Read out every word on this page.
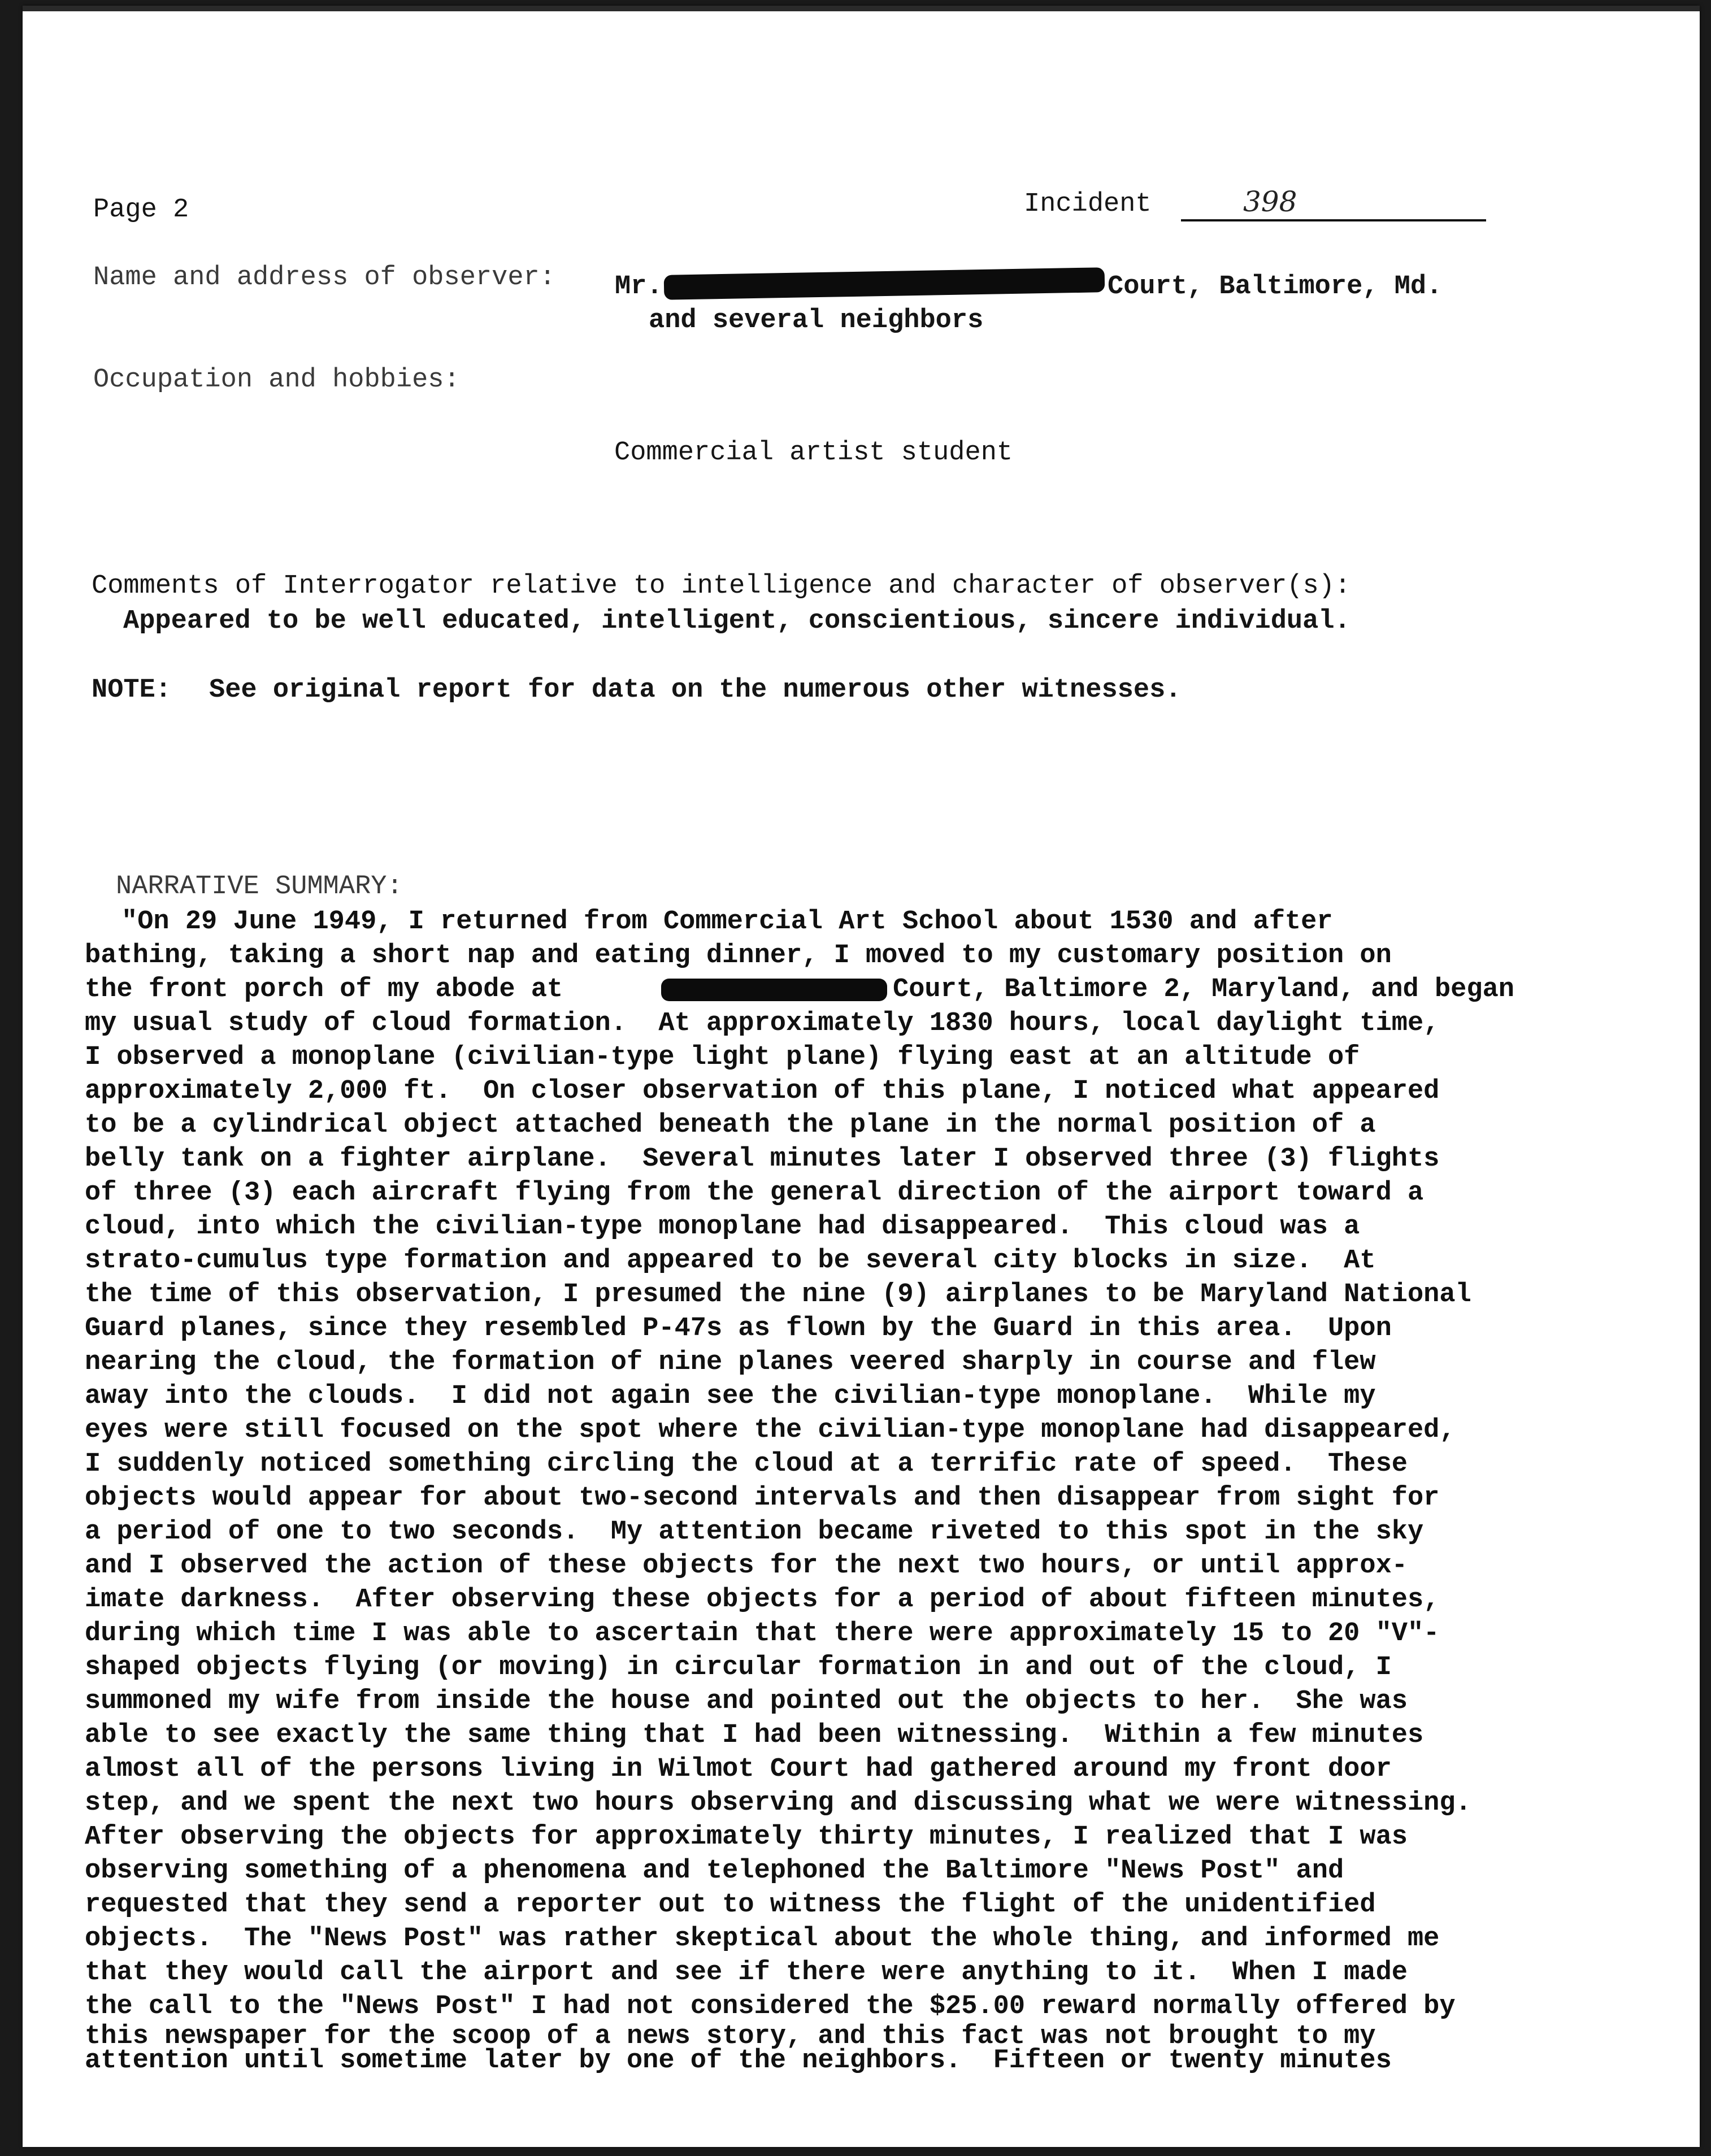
Page 2	Incident	398
Name and address of observer: Mr.	Court, Baltimore, Md.
and several neighbors
Occupation and hobbies:
Commercial artist student
Comments of Interrogator relative to intelligence and character of observer(s):
Appeared to be well educated, intelligent, conscientious, sincere individual.
NOTE: See original report for data on the numerous other witnesses.
NARRATIVE SUMMARY:
"On 29 June 1949, I returned from Commercial Art School about 1530 and after
bathing, taking a short nap and eating dinner, I moved to my customary position on
the front porch of my abode at	Court, Baltimore 2, Maryland, and began
my usual study of cloud formation.  At approximately 1830 hours, local daylight time,
I observed a monoplane (civilian-type light plane) flying east at an altitude of
approximately 2,000 ft.  On closer observation of this plane, I noticed what appeared
to be a cylindrical object attached beneath the plane in the normal position of a
belly tank on a fighter airplane.  Several minutes later I observed three (3) flights
of three (3) each aircraft flying from the general direction of the airport toward a
cloud, into which the civilian-type monoplane had disappeared.  This cloud was a
strato-cumulus type formation and appeared to be several city blocks in size.  At
the time of this observation, I presumed the nine (9) airplanes to be Maryland National
Guard planes, since they resembled P-47s as flown by the Guard in this area.  Upon
nearing the cloud, the formation of nine planes veered sharply in course and flew
away into the clouds.  I did not again see the civilian-type monoplane.  While my
eyes were still focused on the spot where the civilian-type monoplane had disappeared,
I suddenly noticed something circling the cloud at a terrific rate of speed.  These
objects would appear for about two-second intervals and then disappear from sight for
a period of one to two seconds.  My attention became riveted to this spot in the sky
and I observed the action of these objects for the next two hours, or until approx-
imate darkness.  After observing these objects for a period of about fifteen minutes,
during which time I was able to ascertain that there were approximately 15 to 20 "V"-
shaped objects flying (or moving) in circular formation in and out of the cloud, I
summoned my wife from inside the house and pointed out the objects to her.  She was
able to see exactly the same thing that I had been witnessing.  Within a few minutes
almost all of the persons living in Wilmot Court had gathered around my front door
step, and we spent the next two hours observing and discussing what we were witnessing.
After observing the objects for approximately thirty minutes, I realized that I was
observing something of a phenomena and telephoned the Baltimore "News Post" and
requested that they send a reporter out to witness the flight of the unidentified
objects.  The "News Post" was rather skeptical about the whole thing, and informed me
that they would call the airport and see if there were anything to it.  When I made
the call to the "News Post" I had not considered the $25.00 reward normally offered by
this newspaper for the scoop of a news story, and this fact was not brought to my
attention until sometime later by one of the neighbors.  Fifteen or twenty minutes
